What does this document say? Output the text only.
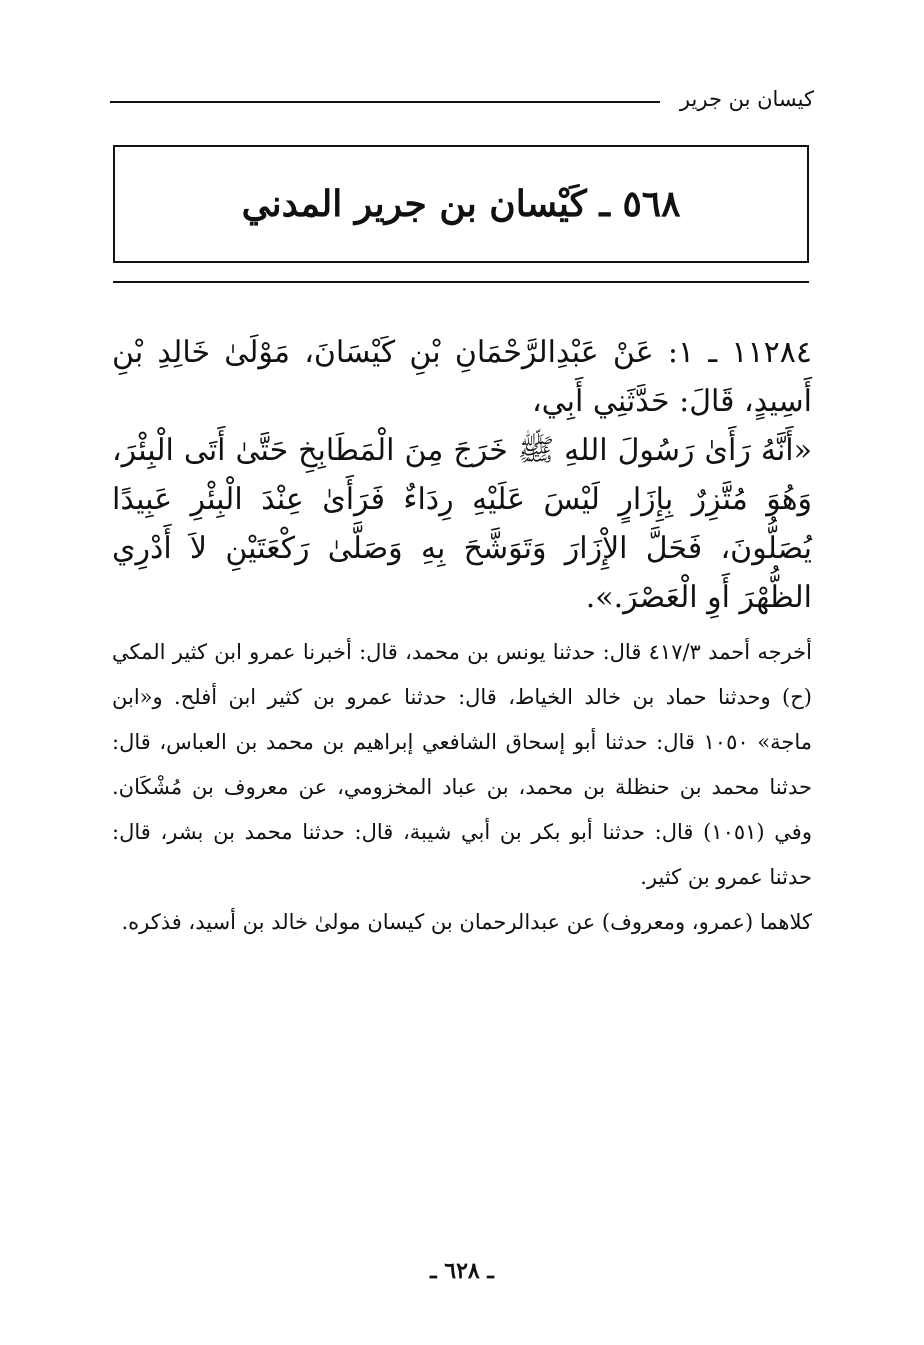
كيسان بن جرير
٥٦٨ ـ كَيْسان بن جرير المدني

١١٢٨٤ ـ ١: عَنْ عَبْدِالرَّحْمَانِ بْنِ كَيْسَانَ، مَوْلَىٰ خَالِدِ بْنِ أَسِيدٍ، قَالَ: حَدَّثَنِي أَبِي،

«أَنَّهُ رَأَىٰ رَسُولَ اللهِ ﷺ خَرَجَ مِنَ الْمَطَابِخِ حَتَّىٰ أَتَى الْبِئْرَ، وَهُوَ مُتَّزِرٌ بِإِزَارٍ لَيْسَ عَلَيْهِ رِدَاءٌ فَرَأَىٰ عِنْدَ الْبِئْرِ عَبِيدًا يُصَلُّونَ، فَحَلَّ الإِْزَارَ وَتَوَشَّحَ بِهِ وَصَلَّىٰ رَكْعَتَيْنِ لاَ أَدْرِي الظُّهْرَ أَوِ الْعَصْرَ.».

أخرجه أحمد ٤١٧/٣ قال: حدثنا يونس بن محمد، قال: أخبرنا عمرو ابن كثير المكي (ح) وحدثنا حماد بن خالد الخياط، قال: حدثنا عمرو بن كثير ابن أفلح. و«ابن ماجة» ١٠٥٠ قال: حدثنا أبو إسحاق الشافعي إبراهيم بن محمد بن العباس، قال: حدثنا محمد بن حنظلة بن محمد، بن عباد المخزومي، عن معروف بن مُشْكَان. وفي (١٠٥١) قال: حدثنا أبو بكر بن أبي شيبة، قال: حدثنا محمد بن بشر، قال: حدثنا عمرو بن كثير.

كلاهما (عمرو، ومعروف) عن عبدالرحمان بن كيسان مولىٰ خالد بن أسيد، فذكره.

ـ ٦٢٨ ـ
